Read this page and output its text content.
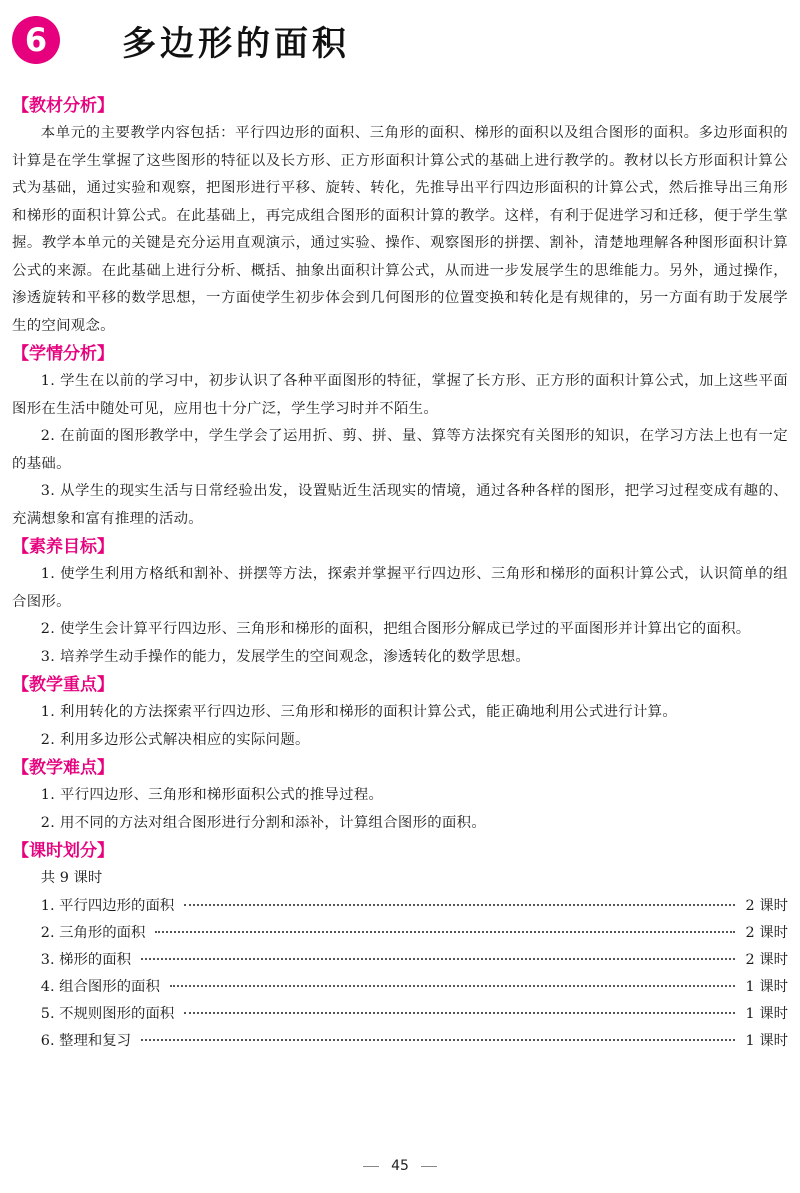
6	多边形的面积
【教材分析】

本单元的主要教学内容包括：平行四边形的面积、三角形的面积、梯形的面积以及组合图形的面积。多边形面积的计算是在学生掌握了这些图形的特征以及长方形、正方形面积计算公式的基础上进行教学的。教材以长方形面积计算公式为基础，通过实验和观察，把图形进行平移、旋转、转化，先推导出平行四边形面积的计算公式，然后推导出三角形和梯形的面积计算公式。在此基础上，再完成组合图形的面积计算的教学。这样，有利于促进学习和迁移，便于学生掌握。教学本单元的关键是充分运用直观演示，通过实验、操作、观察图形的拼摆、割补，清楚地理解各种图形面积计算公式的来源。在此基础上进行分析、概括、抽象出面积计算公式，从而进一步发展学生的思维能力。另外，通过操作，渗透旋转和平移的数学思想，一方面使学生初步体会到几何图形的位置变换和转化是有规律的，另一方面有助于发展学生的空间观念。

【学情分析】

1. 学生在以前的学习中，初步认识了各种平面图形的特征，掌握了长方形、正方形的面积计算公式，加上这些平面图形在生活中随处可见，应用也十分广泛，学生学习时并不陌生。

2. 在前面的图形教学中，学生学会了运用折、剪、拼、量、算等方法探究有关图形的知识，在学习方法上也有一定的基础。

3. 从学生的现实生活与日常经验出发，设置贴近生活现实的情境，通过各种各样的图形，把学习过程变成有趣的、充满想象和富有推理的活动。

【素养目标】

1. 使学生利用方格纸和割补、拼摆等方法，探索并掌握平行四边形、三角形和梯形的面积计算公式，认识简单的组合图形。

2. 使学生会计算平行四边形、三角形和梯形的面积，把组合图形分解成已学过的平面图形并计算出它的面积。

3. 培养学生动手操作的能力，发展学生的空间观念，渗透转化的数学思想。

【教学重点】

1. 利用转化的方法探索平行四边形、三角形和梯形的面积计算公式，能正确地利用公式进行计算。

2. 利用多边形公式解决相应的实际问题。

【教学难点】

1. 平行四边形、三角形和梯形面积公式的推导过程。

2. 用不同的方法对组合图形进行分割和添补，计算组合图形的面积。

【课时划分】

共 9 课时

1. 平行四边形的面积	2 课时
2. 三角形的面积	2 课时
3. 梯形的面积	2 课时
4. 组合图形的面积	1 课时
5. 不规则图形的面积	1 课时
6. 整理和复习	1 课时
45
